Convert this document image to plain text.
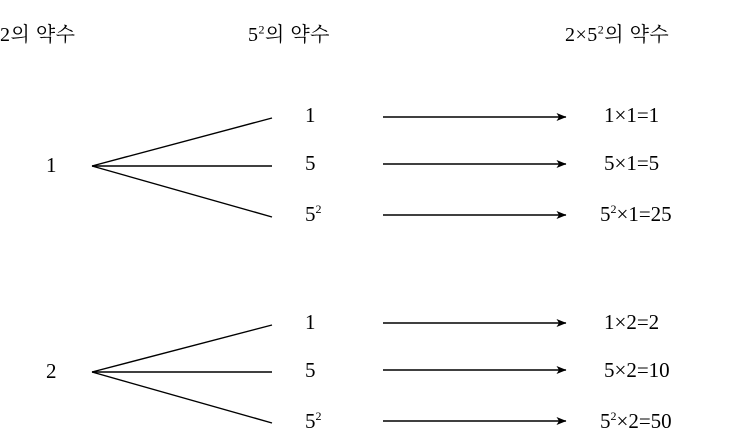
2의 약수	$5^2$의 약수	$2\times 5^2$의 약수
1
1
5
$5^2$
1×1=1
5×1=5
$5^2\times 1=25$
2
1
5
$5^2$
1×2=2
5×2=10
$5^2\times 2=50$
